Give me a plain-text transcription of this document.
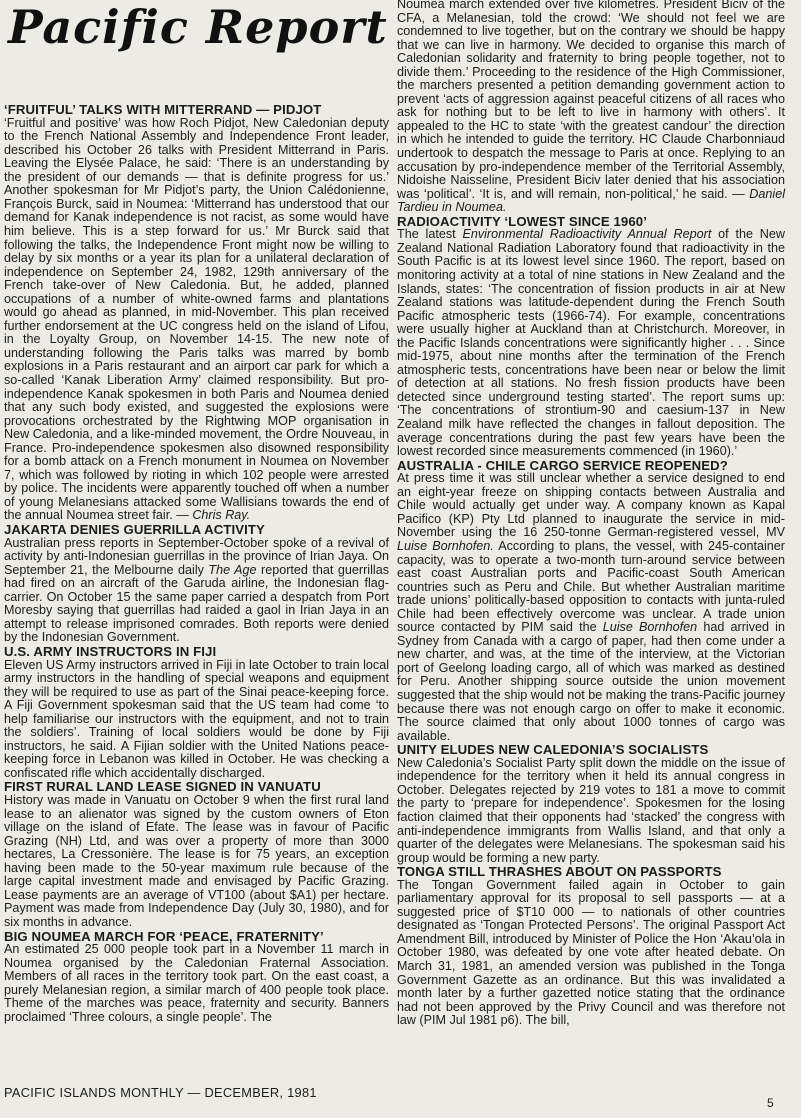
Pacific Report
‘FRUITFUL’ TALKS WITH MITTERRAND — PIDJOT

‘Fruitful and positive’ was how Roch Pidjot, New Caledonian deputy to the French National Assembly and Independence Front leader, described his October 26 talks with President Mitterrand in Paris. Leaving the Elysée Palace, he said: ‘There is an understanding by the president of our demands — that is definite progress for us.’ Another spokesman for Mr Pidjot’s party, the Union Calédonienne, François Burck, said in Noumea: ‘Mitterrand has understood that our demand for Kanak independence is not racist, as some would have him believe. This is a step forward for us.’ Mr Burck said that following the talks, the Independence Front might now be willing to delay by six months or a year its plan for a unilateral declaration of independence on September 24, 1982, 129th anniversary of the French take-over of New Caledonia. But, he added, planned occupations of a number of white-owned farms and plantations would go ahead as planned, in mid-November. This plan received further endorsement at the UC congress held on the island of Lifou, in the Loyalty Group, on November 14-15. The new note of understanding following the Paris talks was marred by bomb explosions in a Paris restaurant and an airport car park for which a so-called ‘Kanak Liberation Army’ claimed responsibility. But pro-independence Kanak spokesmen in both Paris and Noumea denied that any such body existed, and suggested the explosions were provocations orchestrated by the Rightwing MOP organisation in New Caledonia, and a like-minded movement, the Ordre Nouveau, in France. Pro-independence spokesmen also disowned responsibility for a bomb attack on a French monument in Noumea on November 7, which was followed by rioting in which 102 people were arrested by police. The incidents were apparently touched off when a number of young Melanesians attacked some Wallisians towards the end of the annual Noumea street fair. — Chris Ray.

JAKARTA DENIES GUERRILLA ACTIVITY

Australian press reports in September-October spoke of a revival of activity by anti-Indonesian guerrillas in the province of Irian Jaya. On September 21, the Melbourne daily The Age reported that guerrillas had fired on an aircraft of the Garuda airline, the Indonesian flag-carrier. On October 15 the same paper carried a despatch from Port Moresby saying that guerrillas had raided a gaol in Irian Jaya in an attempt to release imprisoned comrades. Both reports were denied by the Indonesian Government.

U.S. ARMY INSTRUCTORS IN FIJI

Eleven US Army instructors arrived in Fiji in late October to train local army instructors in the handling of special weapons and equipment they will be required to use as part of the Sinai peace-keeping force. A Fiji Government spokesman said that the US team had come ‘to help familiarise our instructors with the equipment, and not to train the soldiers’. Training of local soldiers would be done by Fiji instructors, he said. A Fijian soldier with the United Nations peace-keeping force in Lebanon was killed in October. He was checking a confiscated rifle which accidentally discharged.

FIRST RURAL LAND LEASE SIGNED IN VANUATU

History was made in Vanuatu on October 9 when the first rural land lease to an alienator was signed by the custom owners of Eton village on the island of Efate. The lease was in favour of Pacific Grazing (NH) Ltd, and was over a property of more than 3000 hectares, La Cressonière. The lease is for 75 years, an exception having been made to the 50-year maximum rule because of the large capital investment made and envisaged by Pacific Grazing. Lease payments are an average of VT100 (about $A1) per hectare. Payment was made from Independence Day (July 30, 1980), and for six months in advance.

BIG NOUMEA MARCH FOR ‘PEACE, FRATERNITY’

An estimated 25 000 people took part in a November 11 march in Noumea organised by the Caledonian Fraternal Association. Members of all races in the territory took part. On the east coast, a purely Melanesian region, a similar march of 400 people took place. Theme of the marches was peace, fraternity and security. Banners proclaimed ‘Three colours, a single people’. The

Noumea march extended over five kilometres. President Biciv of the CFA, a Melanesian, told the crowd: ‘We should not feel we are condemned to live together, but on the contrary we should be happy that we can live in harmony. We decided to organise this march of Caledonian solidarity and fraternity to bring people together, not to divide them.’ Proceeding to the residence of the High Commissioner, the marchers presented a petition demanding government action to prevent ‘acts of aggression against peaceful citizens of all races who ask for nothing but to be left to live in harmony with others’. It appealed to the HC to state ‘with the greatest candour’ the direction in which he intended to guide the territory. HC Claude Charbonniaud undertook to despatch the message to Paris at once. Replying to an accusation by pro-independence member of the Territorial Assembly, Nidoishe Naisseline, President Biciv later denied that his association was ‘political’. ‘It is, and will remain, non-political,’ he said. — Daniel Tardieu in Noumea.

RADIOACTIVITY ‘LOWEST SINCE 1960’

The latest Environmental Radioactivity Annual Report of the New Zealand National Radiation Laboratory found that radioactivity in the South Pacific is at its lowest level since 1960. The report, based on monitoring activity at a total of nine stations in New Zealand and the Islands, states: ‘The concentration of fission products in air at New Zealand stations was latitude-dependent during the French South Pacific atmospheric tests (1966-74). For example, concentrations were usually higher at Auckland than at Christchurch. Moreover, in the Pacific Islands concentrations were significantly higher . . . Since mid-1975, about nine months after the termination of the French atmospheric tests, concentrations have been near or below the limit of detection at all stations. No fresh fission products have been detected since underground testing started’. The report sums up: ‘The concentrations of strontium-90 and caesium-137 in New Zealand milk have reflected the changes in fallout deposition. The average concentrations during the past few years have been the lowest recorded since measurements commenced (in 1960).’

AUSTRALIA - CHILE CARGO SERVICE REOPENED?

At press time it was still unclear whether a service designed to end an eight-year freeze on shipping contacts between Australia and Chile would actually get under way. A company known as Kapal Pacifico (KP) Pty Ltd planned to inaugurate the service in mid-November using the 16 250-tonne German-registered vessel, MV Luise Bornhofen. According to plans, the vessel, with 245-container capacity, was to operate a two-month turn-around service between east coast Australian ports and Pacific-coast South American countries such as Peru and Chile. But whether Australian maritime trade unions’ politically-based opposition to contacts with junta-ruled Chile had been effectively overcome was unclear. A trade union source contacted by PIM said the Luise Bornhofen had arrived in Sydney from Canada with a cargo of paper, had then come under a new charter, and was, at the time of the interview, at the Victorian port of Geelong loading cargo, all of which was marked as destined for Peru. Another shipping source outside the union movement suggested that the ship would not be making the trans-Pacific journey because there was not enough cargo on offer to make it economic. The source claimed that only about 1000 tonnes of cargo was available.

UNITY ELUDES NEW CALEDONIA’S SOCIALISTS

New Caledonia’s Socialist Party split down the middle on the issue of independence for the territory when it held its annual congress in October. Delegates rejected by 219 votes to 181 a move to commit the party to ‘prepare for independence’. Spokesmen for the losing faction claimed that their opponents had ‘stacked’ the congress with anti-independence immigrants from Wallis Island, and that only a quarter of the delegates were Melanesians. The spokesman said his group would be forming a new party.

TONGA STILL THRASHES ABOUT ON PASSPORTS

The Tongan Government failed again in October to gain parliamentary approval for its proposal to sell passports — at a suggested price of $T10 000 — to nationals of other countries designated as ‘Tongan Protected Persons’. The original Passport Act Amendment Bill, introduced by Minister of Police the Hon ‘Akau’ola in October 1980, was defeated by one vote after heated debate. On March 31, 1981, an amended version was published in the Tonga Government Gazette as an ordinance. But this was invalidated a month later by a further gazetted notice stating that the ordinance had not been approved by the Privy Council and was therefore not law (PIM Jul 1981 p6). The bill,

PACIFIC ISLANDS MONTHLY — DECEMBER, 1981
5
